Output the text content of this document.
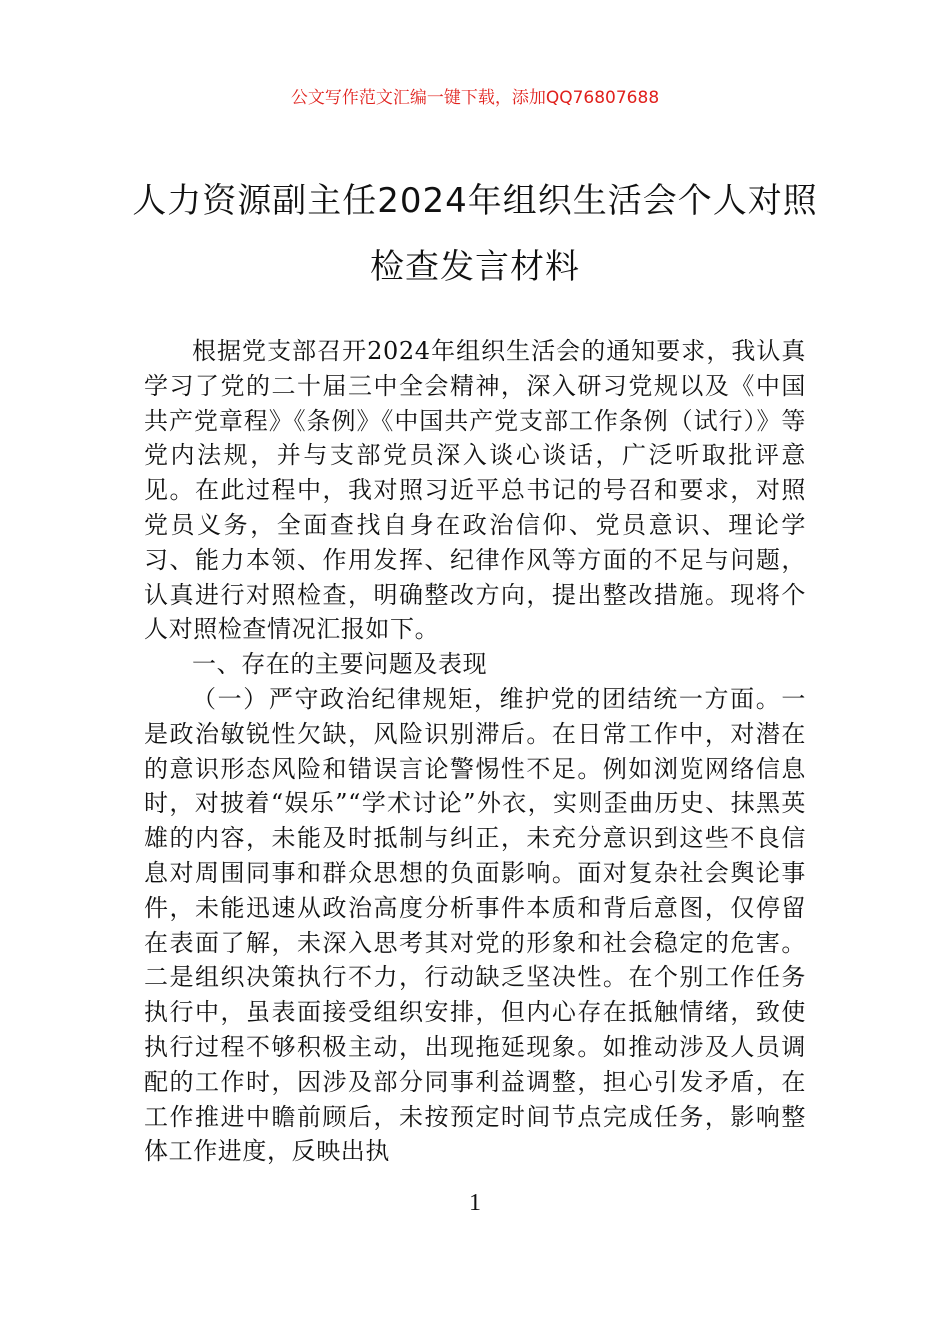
公文写作范文汇编一键下载，添加QQ76807688
人力资源副主任2024年组织生活会个人对照检查发言材料

根据党支部召开2024年组织生活会的通知要求，我认真学习了党的二十届三中全会精神，深入研习党规以及《中国共产党章程》《条例》《中国共产党支部工作条例（试行）》等党内法规，并与支部党员深入谈心谈话，广泛听取批评意见。在此过程中，我对照习近平总书记的号召和要求，对照党员义务，全面查找自身在政治信仰、党员意识、理论学习、能力本领、作用发挥、纪律作风等方面的不足与问题，认真进行对照检查，明确整改方向，提出整改措施。现将个人对照检查情况汇报如下。

一、存在的主要问题及表现

（一）严守政治纪律规矩，维护党的团结统一方面。一是政治敏锐性欠缺，风险识别滞后。在日常工作中，对潜在的意识形态风险和错误言论警惕性不足。例如浏览网络信息时，对披着“娱乐”“学术讨论”外衣，实则歪曲历史、抹黑英雄的内容，未能及时抵制与纠正，未充分意识到这些不良信息对周围同事和群众思想的负面影响。面对复杂社会舆论事件，未能迅速从政治高度分析事件本质和背后意图，仅停留在表面了解，未深入思考其对党的形象和社会稳定的危害。二是组织决策执行不力，行动缺乏坚决性。在个别工作任务执行中，虽表面接受组织安排，但内心存在抵触情绪，致使执行过程不够积极主动，出现拖延现象。如推动涉及人员调配的工作时，因涉及部分同事利益调整，担心引发矛盾，在工作推进中瞻前顾后，未按预定时间节点完成任务，影响整体工作进度，反映出执

1
